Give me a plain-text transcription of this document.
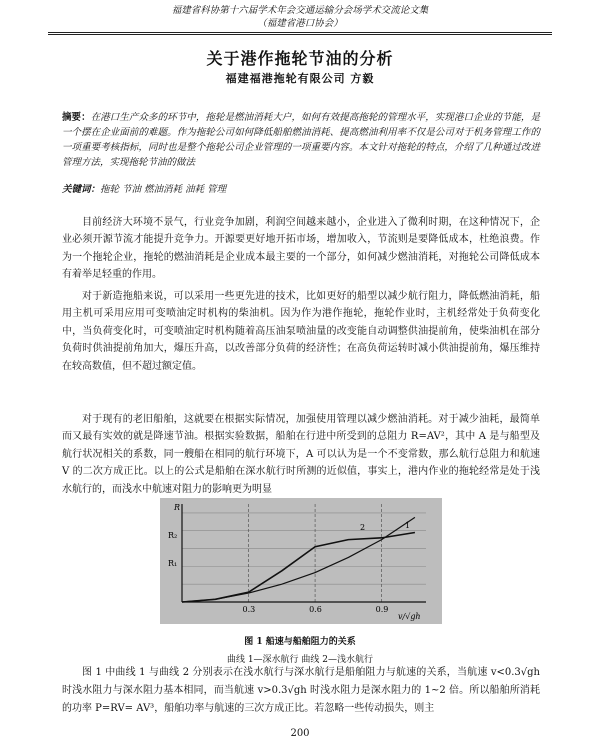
福建省科协第十六届学术年会交通运输分会场学术交流论文集
（福建省港口协会）
关于港作拖轮节油的分析
福建福港拖轮有限公司 方毅
摘要：在港口生产众多的环节中，拖轮是燃油消耗大户，如何有效提高拖轮的管理水平，实现港口企业的节能，是一个摆在企业面前的难题。作为拖轮公司如何降低船舶燃油消耗、提高燃油利用率不仅是公司对于机务管理工作的一项重要考核指标，同时也是整个拖轮公司企业管理的一项重要内容。本文针对拖轮的特点，介绍了几种通过改进管理方法，实现拖轮节油的做法
关键词：拖轮 节油 燃油消耗 油耗 管理
目前经济大环境不景气，行业竞争加剧，利润空间越来越小，企业进入了微利时期，在这种情况下，企业必须开源节流才能提升竞争力。开源要更好地开拓市场，增加收入，节流则是要降低成本，杜绝浪费。作为一个拖轮企业，拖轮的燃油消耗是企业成本最主要的一个部分，如何减少燃油消耗，对拖轮公司降低成本有着举足轻重的作用。
对于新造拖船来说，可以采用一些更先进的技术，比如更好的船型以减少航行阻力，降低燃油消耗，船用主机可采用应用可变喷油定时机构的柴油机。因为作为港作拖轮，拖轮作业时，主机经常处于负荷变化中，当负荷变化时，可变喷油定时机构随着高压油泵喷油量的改变能自动调整供油提前角，使柴油机在部分负荷时供油提前角加大，爆压升高，以改善部分负荷的经济性；在高负荷运转时减小供油提前角，爆压维持在较高数值，但不超过额定值。
对于现有的老旧船舶，这就要在根据实际情况，加强使用管理以减少燃油消耗。对于减少油耗，最简单而又最有实效的就是降速节油。根据实验数据，船舶在行进中所受到的总阻力 R=AV²，其中 A 是与船型及航行状况相关的系数，同一艘船在相同的航行环境下，A 可以认为是一个不变常数，那么航行总阻力和航速 V 的二次方成正比。以上的公式是船舶在深水航行时所测的近似值，事实上，港内作业的拖轮经常是处于浅水航行的，而浅水中航速对阻力的影响更为明显
R
v/√gh
R₂
R₁
0.3	0.6	0.9
1
2
图 1 船速与船舶阻力的关系
曲线 1—深水航行 曲线 2—浅水航行
图 1 中曲线 1 与曲线 2 分别表示在浅水航行与深水航行是船舶阻力与航速的关系，当航速 v<0.3√gh 时浅水阻力与深水阻力基本相同，而当航速 v>0.3√gh 时浅水阻力是深水阻力的 1~2 倍。所以船舶所消耗的功率 P=RV= AV³，船舶功率与航速的三次方成正比。若忽略一些传动损失，则主
200
